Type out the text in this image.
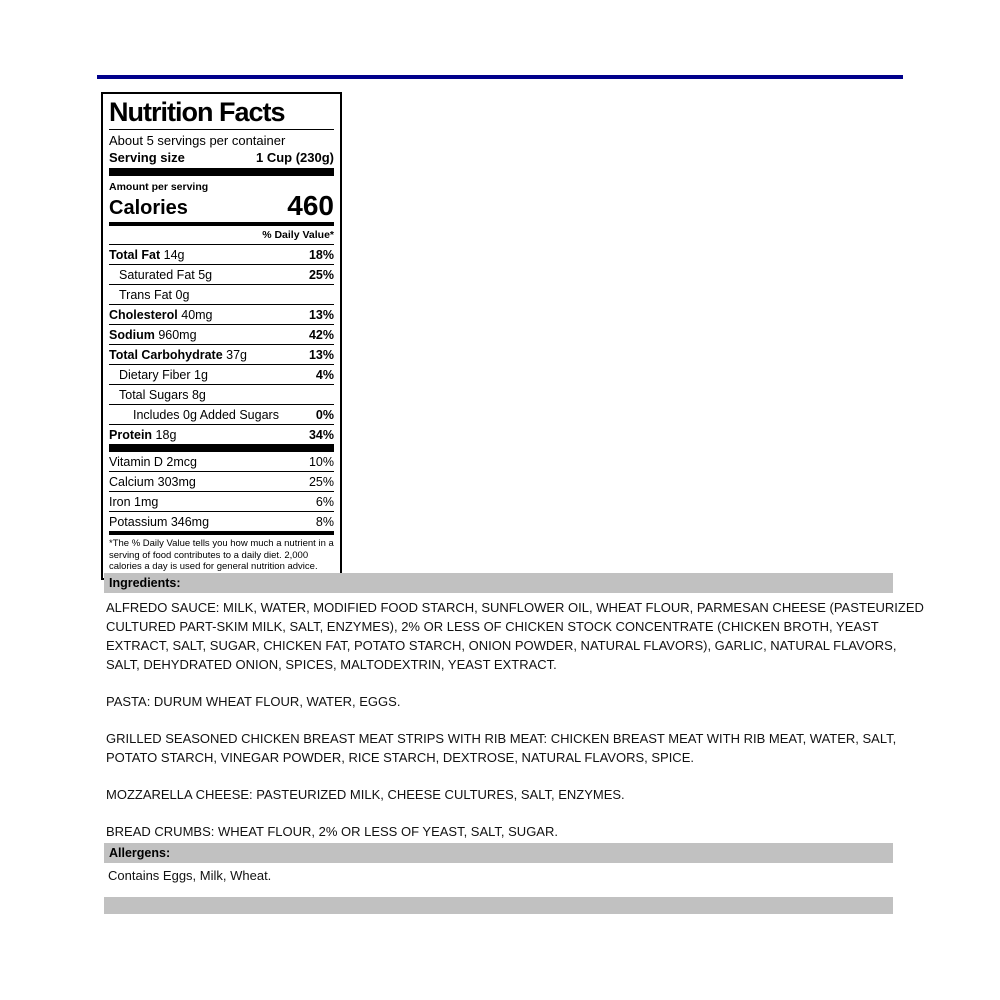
Nutrition Facts
About 5 servings per container
Serving size	1 Cup (230g)
Amount per serving
Calories	460
% Daily Value*
Total Fat 14g	18%
Saturated Fat 5g	25%
Trans Fat 0g
Cholesterol 40mg	13%
Sodium 960mg	42%
Total Carbohydrate 37g	13%
Dietary Fiber 1g	4%
Total Sugars 8g
Includes 0g Added Sugars	0%
Protein 18g	34%
Vitamin D 2mcg	10%
Calcium 303mg	25%
Iron 1mg	6%
Potassium 346mg	8%
*The % Daily Value tells you how much a nutrient in a serving of food contributes to a daily diet. 2,000 calories a day is used for general nutrition advice.
Ingredients:

ALFREDO SAUCE: MILK, WATER, MODIFIED FOOD STARCH, SUNFLOWER OIL, WHEAT FLOUR, PARMESAN CHEESE (PASTEURIZED
CULTURED PART-SKIM MILK, SALT, ENZYMES), 2% OR LESS OF CHICKEN STOCK CONCENTRATE (CHICKEN BROTH, YEAST
EXTRACT, SALT, SUGAR, CHICKEN FAT, POTATO STARCH, ONION POWDER, NATURAL FLAVORS), GARLIC, NATURAL FLAVORS,
SALT, DEHYDRATED ONION, SPICES, MALTODEXTRIN, YEAST EXTRACT.

PASTA: DURUM WHEAT FLOUR, WATER, EGGS.

GRILLED SEASONED CHICKEN BREAST MEAT STRIPS WITH RIB MEAT: CHICKEN BREAST MEAT WITH RIB MEAT, WATER, SALT,
POTATO STARCH, VINEGAR POWDER, RICE STARCH, DEXTROSE, NATURAL FLAVORS, SPICE.

MOZZARELLA CHEESE: PASTEURIZED MILK, CHEESE CULTURES, SALT, ENZYMES.

BREAD CRUMBS: WHEAT FLOUR, 2% OR LESS OF YEAST, SALT, SUGAR.

Allergens:
Contains Eggs, Milk, Wheat.
